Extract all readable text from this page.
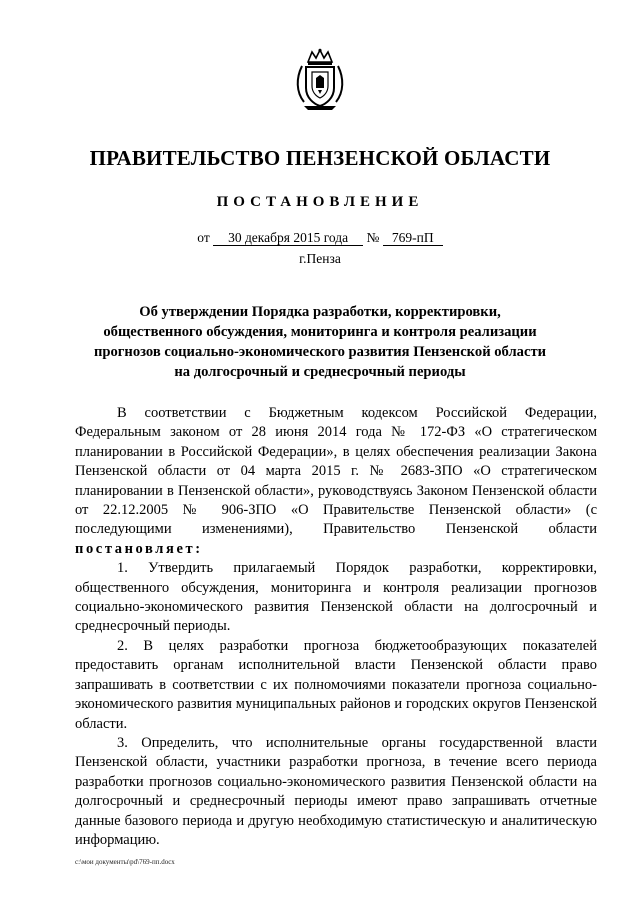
ПРАВИТЕЛЬСТВО ПЕНЗЕНСКОЙ ОБЛАСТИ
ПОСТАНОВЛЕНИЕ
от 30 декабря 2015 года № 769-пП
г.Пенза
Об утверждении Порядка разработки, корректировки,
общественного обсуждения, мониторинга и контроля реализации
прогнозов социально-экономического развития Пензенской области
на долгосрочный и среднесрочный периоды

В соответствии с Бюджетным кодексом Российской Федерации, Федеральным законом от 28 июня 2014 года № 172-ФЗ «О стратегическом планировании в Российской Федерации», в целях обеспечения реализации Закона Пензенской области от 04 марта 2015 г. № 2683-ЗПО «О стратегическом планировании в Пензенской области», руководствуясь Законом Пензенской области от 22.12.2005 № 906-ЗПО «О Правительстве Пензенской области» (с последующими изменениями), Правительство Пензенской области постановляет:

1. Утвердить прилагаемый Порядок разработки, корректировки, общественного обсуждения, мониторинга и контроля реализации прогнозов социально-экономического развития Пензенской области на долгосрочный и среднесрочный периоды.

2. В целях разработки прогноза бюджетообразующих показателей предоставить органам исполнительной власти Пензенской области право запрашивать в соответствии с их полномочиями показатели прогноза социально-экономического развития муниципальных районов и городских округов Пензенской области.

3. Определить, что исполнительные органы государственной власти Пензенской области, участники разработки прогноза, в течение всего периода разработки прогнозов социально-экономического развития Пензенской области на долгосрочный и среднесрочный периоды имеют право запрашивать отчетные данные базового периода и другую необходимую статистическую и аналитическую информацию.

c:\мои документы\pd\769-пп.docx
